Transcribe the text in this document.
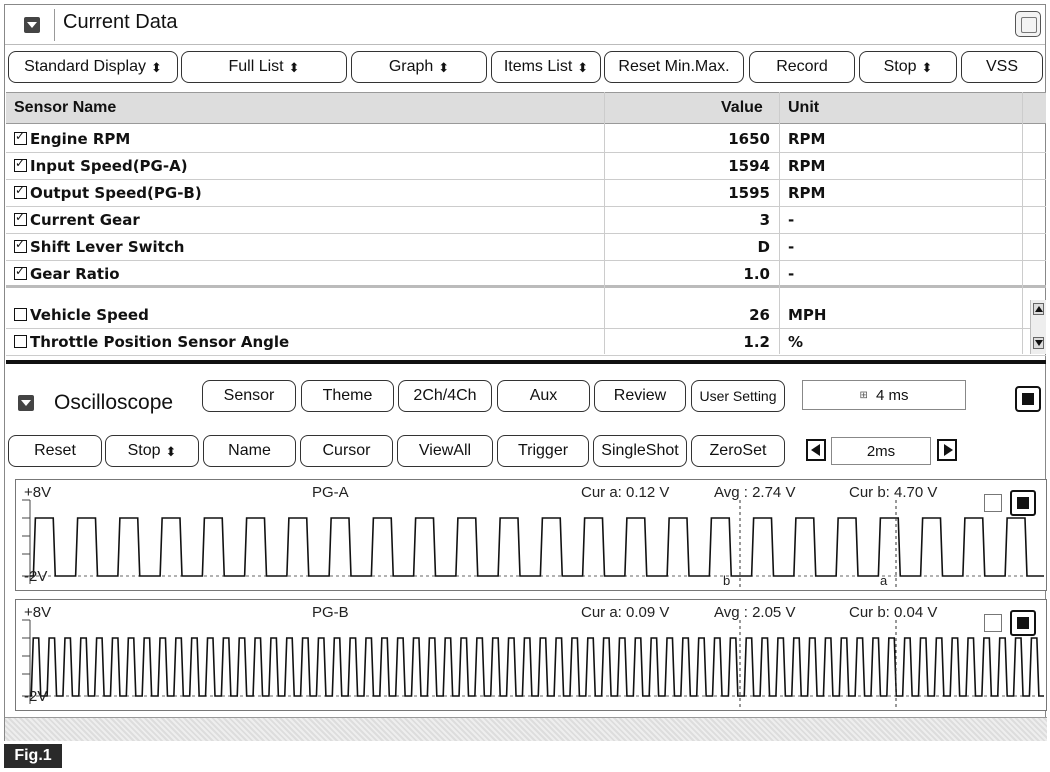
Current Data
Standard Display ⬍	Full List ⬍	Graph ⬍	Items List ⬍ Reset Min.Max.	Record	Stop ⬍	VSS
Sensor Name	Value Unit
✓Engine RPM	1650 RPM
✓Input Speed(PG-A)	1594 RPM
✓Output Speed(PG-B)	1595 RPM
✓Current Gear	3 -
✓Shift Lever Switch	D -
✓Gear Ratio	1.0 -
Vehicle Speed	26 MPH
Throttle Position Sensor Angle	1.2 %
Oscilloscope	Sensor	Theme	2Ch/4Ch	Aux	Review User Setting	⊞ 4 ms
Reset	Stop ⬍	Name	Cursor	ViewAll	Trigger SingleShot ZeroSet	2ms
+8V
-2V
PG-A	Cur a: 0.12 V	Avg : 2.74 V	Cur b: 4.70 V
b	a
+8V
-2V
PG-B	Cur a: 0.09 V	Avg : 2.05 V	Cur b: 0.04 V
Fig.1
